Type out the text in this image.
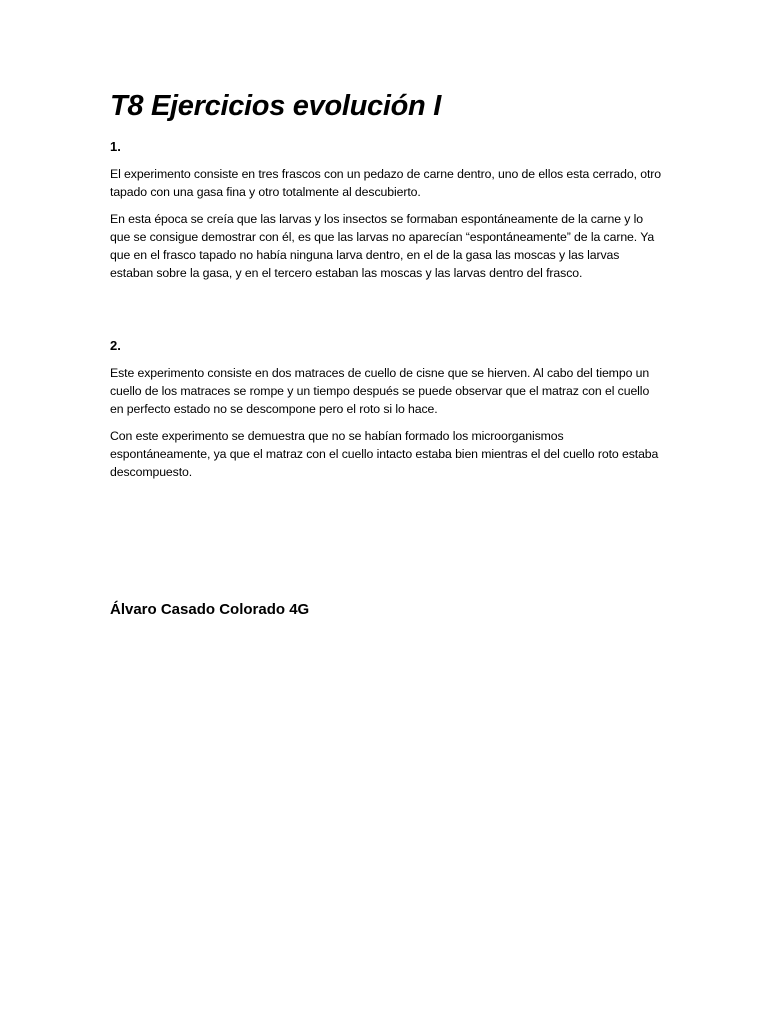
T8 Ejercicios evolución I
1.

El experimento consiste en tres frascos con un pedazo de carne dentro, uno de ellos esta cerrado, otro tapado con una gasa fina y otro totalmente al descubierto.

En esta época se creía que las larvas y los insectos se formaban espontáneamente de la carne y lo que se consigue demostrar con él, es que las larvas no aparecían “espontáneamente” de la carne. Ya que en el frasco tapado no había ninguna larva dentro, en el de la gasa las moscas y las larvas estaban sobre la gasa, y en el tercero estaban las moscas y las larvas dentro del frasco.

2.

Este experimento consiste en dos matraces de cuello de cisne que se hierven. Al cabo del tiempo un cuello de los matraces se rompe y un tiempo después se puede observar que el matraz con el cuello en perfecto estado no se descompone pero el roto si lo hace.

Con este experimento se demuestra que no se habían formado los microorganismos espontáneamente, ya que el matraz con el cuello intacto estaba bien mientras el del cuello roto estaba descompuesto.

Álvaro Casado Colorado 4G
